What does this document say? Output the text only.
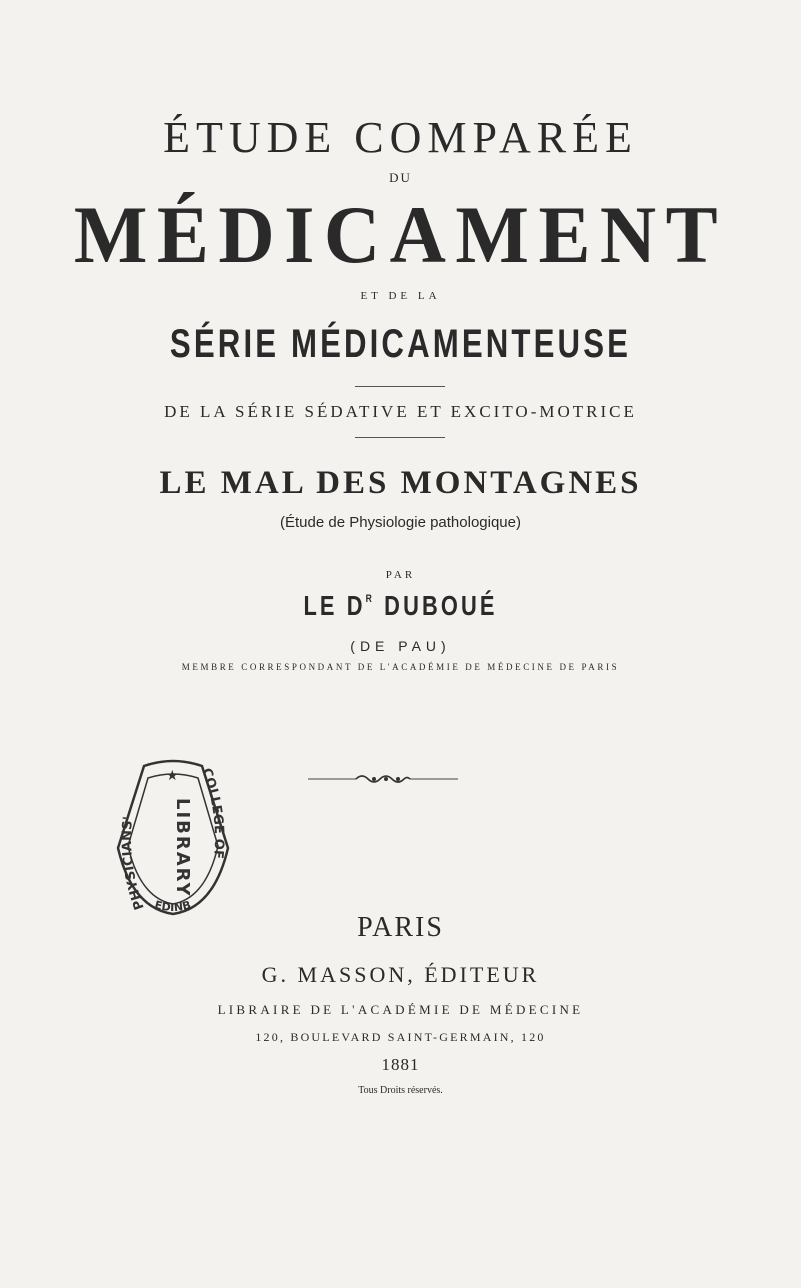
ÉTUDE COMPARÉE
DU
MÉDICAMENT
ET DE LA
SÉRIE MÉDICAMENTEUSE
DE LA SÉRIE SÉDATIVE ET EXCITO-MOTRICE
LE MAL DES MONTAGNES
(Étude de Physiologie pathologique)
PAR
LE $D^R$ DUBOUÉ
(DE PAU)
MEMBRE CORRESPONDANT DE L'ACADÉMIE DE MÉDECINE DE PARIS
★
PHYSICIANS'
COLLEGE OF
EDINB
LIBRARY
PARIS
G. MASSON, ÉDITEUR
LIBRAIRE DE L'ACADÉMIE DE MÉDECINE
120, BOULEVARD SAINT-GERMAIN, 120
1881
Tous Droits réservés.
